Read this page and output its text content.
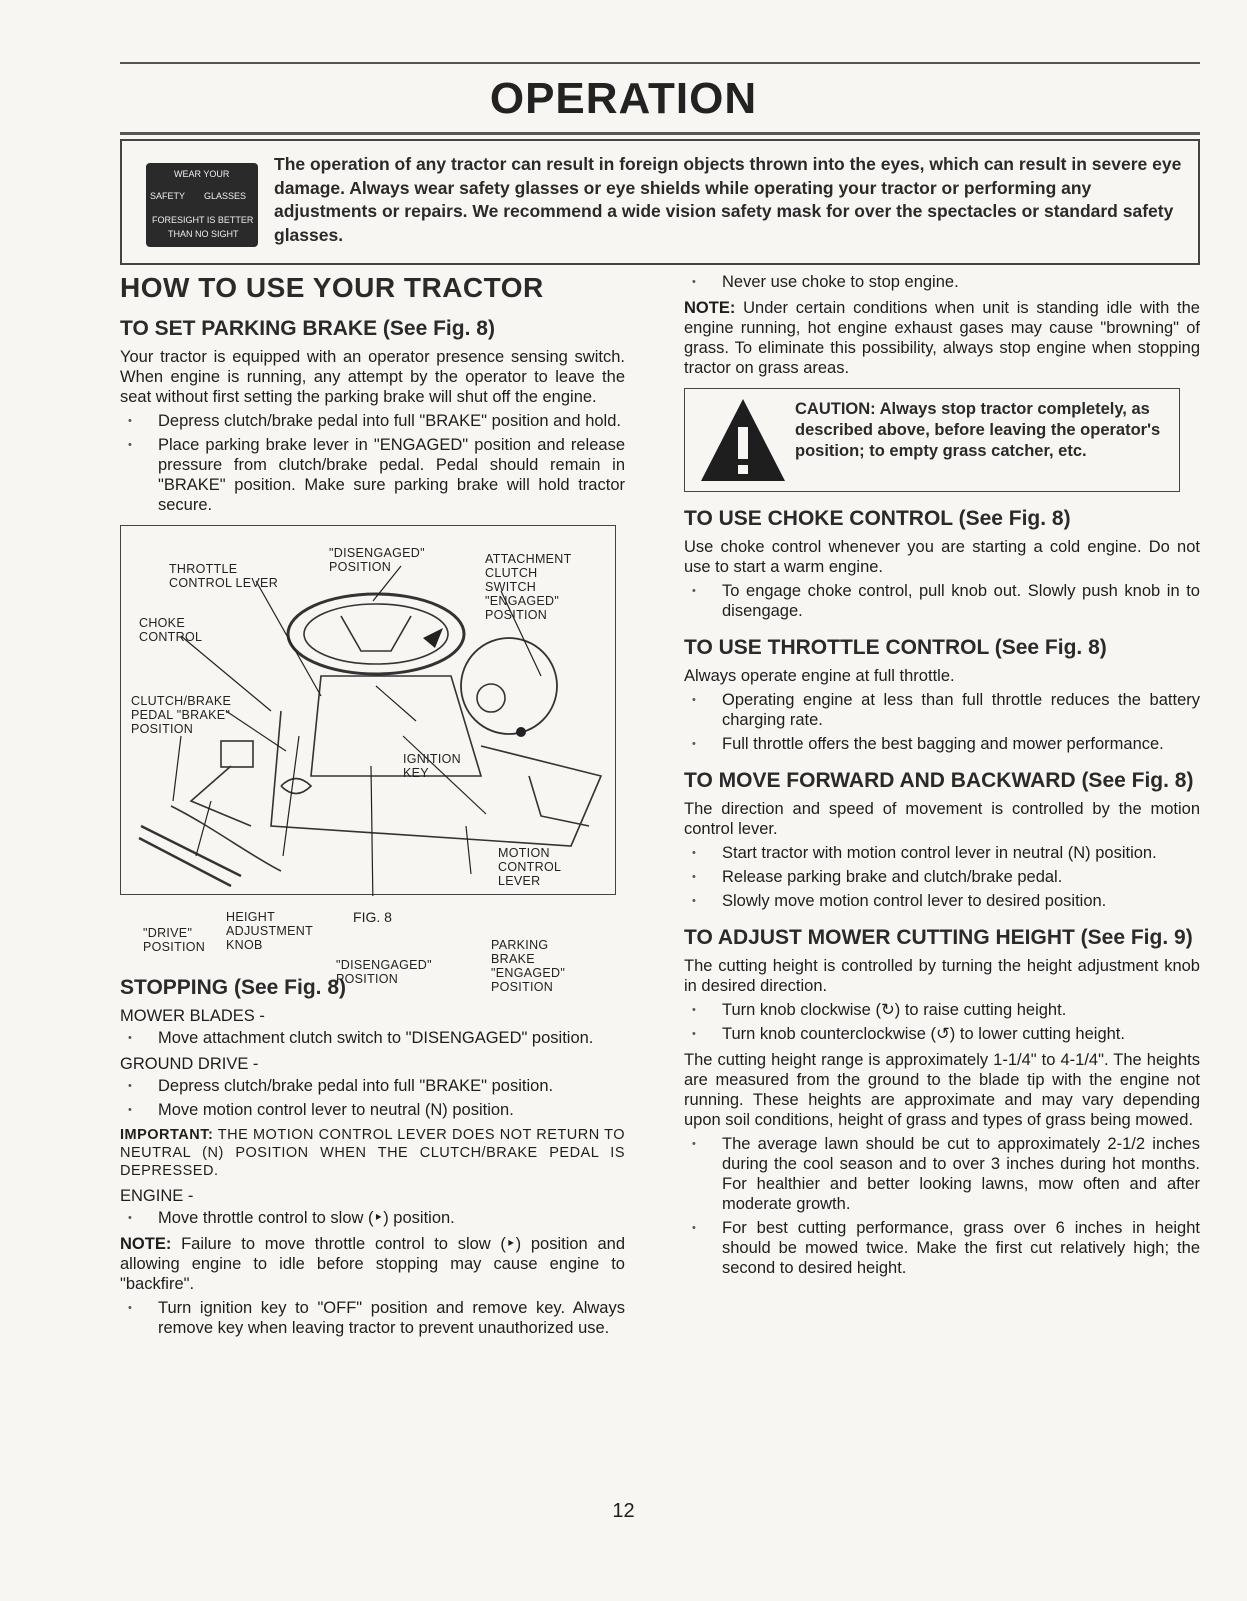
OPERATION
WEAR YOUR
SAFETY GLASSES
FORESIGHT IS BETTER
THAN NO SIGHT
The operation of any tractor can result in foreign objects thrown into the eyes, which can result in severe eye damage. Always wear safety glasses or eye shields while operating your tractor or performing any adjustments or repairs. We recommend a wide vision safety mask for over the spectacles or standard safety glasses.
HOW TO USE YOUR TRACTOR
TO SET PARKING BRAKE (See Fig. 8)

Your tractor is equipped with an operator presence sensing switch. When engine is running, any attempt by the operator to leave the seat without first setting the parking brake will shut off the engine.

• Depress clutch/brake pedal into full "BRAKE" position and hold.
• Place parking brake lever in "ENGAGED" position and release pressure from clutch/brake pedal. Pedal should remain in "BRAKE" position. Make sure parking brake will hold tractor secure.
THROTTLE
CONTROL LEVER
"DISENGAGED"
POSITION
ATTACHMENT
CLUTCH
SWITCH
"ENGAGED"
POSITION
CHOKE
CONTROL
CLUTCH/BRAKE
PEDAL "BRAKE"
POSITION
IGNITION
KEY
MOTION
CONTROL
LEVER
HEIGHT
ADJUSTMENT
KNOB
"DRIVE"
POSITION	PARKING
BRAKE
"ENGAGED"
POSITION
"DISENGAGED"
POSITION
FIG. 8
STOPPING (See Fig. 8)

MOWER BLADES -

• Move attachment clutch switch to "DISENGAGED" position.

GROUND DRIVE -

• Depress clutch/brake pedal into full "BRAKE" position.
• Move motion control lever to neutral (N) position.

IMPORTANT: THE MOTION CONTROL LEVER DOES NOT RETURN TO NEUTRAL (N) POSITION WHEN THE CLUTCH/BRAKE PEDAL IS DEPRESSED.

ENGINE -

• Move throttle control to slow (‣) position.

NOTE: Failure to move throttle control to slow (‣) position and allowing engine to idle before stopping may cause engine to "backfire".

• Turn ignition key to "OFF" position and remove key. Always remove key when leaving tractor to prevent unauthorized use.
• Never use choke to stop engine.

NOTE: Under certain conditions when unit is standing idle with the engine running, hot engine exhaust gases may cause "browning" of grass. To eliminate this possibility, always stop engine when stopping tractor on grass areas.

CAUTION: Always stop tractor completely, as described above, before leaving the operator's position; to empty grass catcher, etc.
TO USE CHOKE CONTROL (See Fig. 8)

Use choke control whenever you are starting a cold engine. Do not use to start a warm engine.

• To engage choke control, pull knob out. Slowly push knob in to disengage.
TO USE THROTTLE CONTROL (See Fig. 8)

Always operate engine at full throttle.

• Operating engine at less than full throttle reduces the battery charging rate.
• Full throttle offers the best bagging and mower performance.
TO MOVE FORWARD AND BACKWARD (See Fig. 8)

The direction and speed of movement is controlled by the motion control lever.

• Start tractor with motion control lever in neutral (N) position.
• Release parking brake and clutch/brake pedal.
• Slowly move motion control lever to desired position.
TO ADJUST MOWER CUTTING HEIGHT (See Fig. 9)

The cutting height is controlled by turning the height adjustment knob in desired direction.

• Turn knob clockwise (↻) to raise cutting height.
• Turn knob counterclockwise (↺) to lower cutting height.

The cutting height range is approximately 1-1/4" to 4-1/4". The heights are measured from the ground to the blade tip with the engine not running. These heights are approximate and may vary depending upon soil conditions, height of grass and types of grass being mowed.

• The average lawn should be cut to approximately 2-1/2 inches during the cool season and to over 3 inches during hot months. For healthier and better looking lawns, mow often and after moderate growth.
• For best cutting performance, grass over 6 inches in height should be mowed twice. Make the first cut relatively high; the second to desired height.
12
